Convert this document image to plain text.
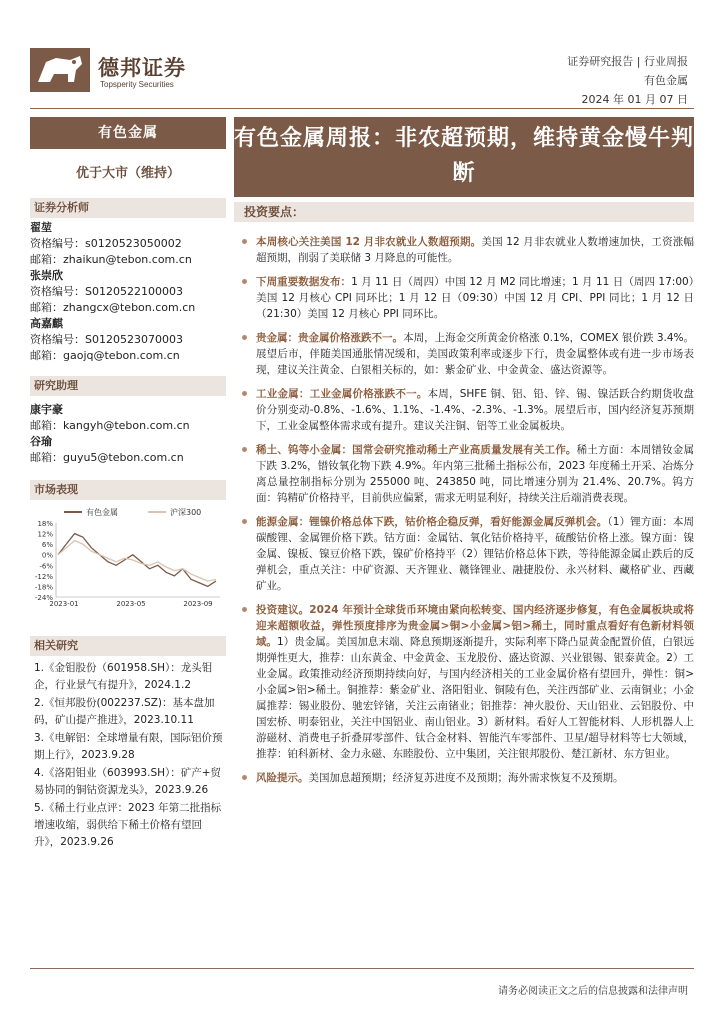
德邦证券
Topsperity Securities
证券研究报告 | 行业周报
有色金属
2024 年 01 月 07 日
有色金属
优于大市（维持）
证券分析师
翟堃
资格编号：s0120523050002
邮箱：zhaikun@tebon.com.cn
张崇欣
资格编号：S0120522100003
邮箱：zhangcx@tebon.com.cn
高嘉麒
资格编号：S0120523070003
邮箱：gaojq@tebon.com.cn
研究助理
康宇豪
邮箱：kangyh@tebon.com.cn
谷瑜
邮箱：guyu5@tebon.com.cn
市场表现
有色金属	沪深300
18%
12%
6%
0%
-6%
-12%
-18%
-24%
2023-01	2023-05	2023-09
相关研究
1.《金钼股份（601958.SH）：龙头钼企，行业景气有提升》，2024.1.2
2.《恒邦股份(002237.SZ)：基本盘加码，矿山提产推进》，2023.10.11
3.《电解铝：全球增量有限，国际铝价预期上行》，2023.9.28
4.《洛阳钼业（603993.SH）：矿产+贸易协同的铜钴资源龙头》，2023.9.26
5.《稀土行业点评：2023 年第二批指标增速收缩，弱供给下稀土价格有望回升》，2023.9.26
有色金属周报：非农超预期，维持黄金慢牛判断
投资要点：
本周核心关注美国 12 月非农就业人数超预期。美国 12 月非农就业人数增速加快，工资涨幅超预期，削弱了美联储 3 月降息的可能性。
下周重要数据发布：1 月 11 日（周四）中国 12 月 M2 同比增速；1 月 11 日（周四 17:00）美国 12 月核心 CPI 同环比；1 月 12 日（09:30）中国 12 月 CPI、PPI 同比；1 月 12 日（21:30）美国 12 月核心 PPI 同环比。
贵金属：贵金属价格涨跌不一。本周，上海金交所黄金价格涨 0.1%，COMEX 银价跌 3.4%。展望后市，伴随美国通胀情况缓和，美国政策利率或逐步下行，贵金属整体或有进一步市场表现，建议关注黄金、白银相关标的，如：紫金矿业、中金黄金、盛达资源等。
工业金属：工业金属价格涨跌不一。本周，SHFE 铜、铝、铅、锌、锡、镍活跃合约期货收盘价分别变动-0.8%、-1.6%、1.1%、-1.4%、-2.3%、-1.3%。展望后市，国内经济复苏预期下，工业金属整体需求或有提升。建议关注铜、铝等工业金属板块。
稀土、钨等小金属：国常会研究推动稀土产业高质量发展有关工作。稀土方面：本周镨钕金属下跌 3.2%，镨钕氧化物下跌 4.9%。年内第三批稀土指标公布，2023 年度稀土开采、冶炼分离总量控制指标分别为 255000 吨、243850 吨，同比增速分别为 21.4%、20.7%。钨方面：钨精矿价格持平，目前供应偏紧，需求无明显利好，持续关注后端消费表现。
能源金属：锂镍价格总体下跌，钴价格企稳反弹，看好能源金属反弹机会。（1）锂方面：本周碳酸锂、金属锂价格下跌。钴方面：金属钴、氧化钴价格持平，硫酸钴价格上涨。镍方面：镍金属、镍板、镍豆价格下跌，镍矿价格持平（2）锂钴价格总体下跌，等待能源金属止跌后的反弹机会，重点关注：中矿资源、天齐锂业、赣锋锂业、融捷股份、永兴材料、藏格矿业、西藏矿业。
投资建议。2024 年预计全球货币环境由紧向松转变、国内经济逐步修复，有色金属板块或将迎来超额收益，弹性预度排序为贵金属>铜>小金属>铝>稀土，同时重点看好有色新材料领域。1）贵金属。美国加息末端、降息预期逐渐提升，实际利率下降凸显黄金配置价值，白银远期弹性更大，推荐：山东黄金、中金黄金、玉龙股份、盛达资源、兴业银锡、银泰黄金。2）工业金属。政策推动经济预期持续向好，与国内经济相关的工业金属价格有望回升，弹性：铜>小金属>铝>稀土。铜推荐：紫金矿业、洛阳钼业、铜陵有色，关注西部矿业、云南铜业；小金属推荐：锡业股份、驰宏锌锗，关注云南锗业；铝推荐：神火股份、天山铝业、云铝股份、中国宏桥、明泰铝业，关注中国铝业、南山铝业。3）新材料。看好人工智能材料、人形机器人上游磁材、消费电子折叠屏零部件、钛合金材料、智能汽车零部件、卫星/超导材料等七大领域，推荐：铂科新材、金力永磁、东睦股份、立中集团，关注银邦股份、楚江新材、东方钽业。
风险提示。美国加息超预期；经济复苏进度不及预期；海外需求恢复不及预期。
请务必阅读正文之后的信息披露和法律声明
